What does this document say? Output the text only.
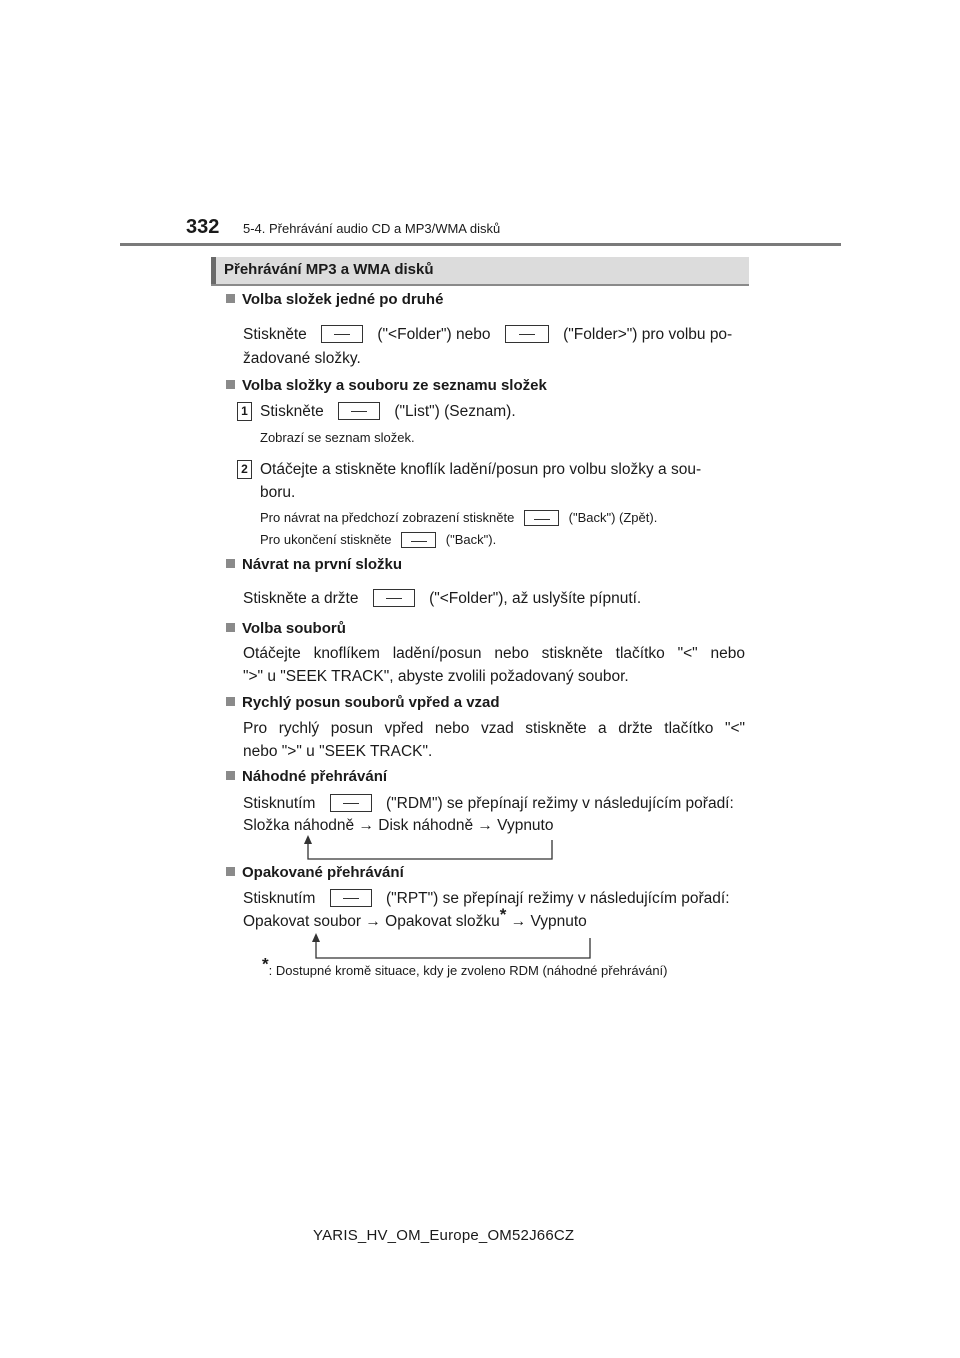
332 5-4. Přehrávání audio CD a MP3/WMA disků
Přehrávání MP3 a WMA disků
Volba složek jedné po druhé
Stiskněte	("<Folder") nebo	("Folder>") pro volbu po-
žadované složky.
Volba složky a souboru ze seznamu složek
1 Stiskněte	("List") (Seznam).
Zobrazí se seznam složek.
2 Otáčejte a stiskněte knoflík ladění/posun pro volbu složky a sou-
boru.
Pro návrat na předchozí zobrazení stiskněte	("Back") (Zpět).
Pro ukončení stiskněte	("Back").
Návrat na první složku
Stiskněte a držte	("<Folder"), až uslyšíte pípnutí.
Volba souborů
Otáčejte knoflíkem ladění/posun nebo stiskněte tlačítko "<" nebo
">" u "SEEK TRACK", abyste zvolili požadovaný soubor.
Rychlý posun souborů vpřed a vzad
Pro rychlý posun vpřed nebo vzad stiskněte a držte tlačítko "<"
nebo ">" u "SEEK TRACK".
Náhodné přehrávání
Stisknutím	("RDM") se přepínají režimy v následujícím pořadí:
Složka náhodně → Disk náhodně → Vypnuto
Opakované přehrávání
Stisknutím	("RPT") se přepínají režimy v následujícím pořadí:
Opakovat soubor → Opakovat složku* → Vypnuto
*: Dostupné kromě situace, kdy je zvoleno RDM (náhodné přehrávání)
YARIS_HV_OM_Europe_OM52J66CZ
